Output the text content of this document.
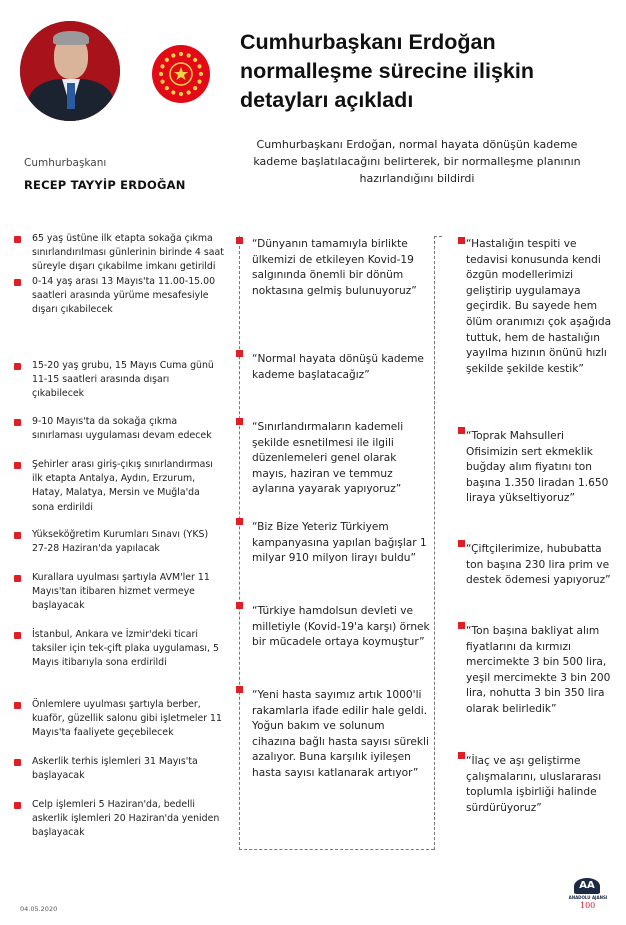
Cumhurbaşkanı Erdoğan normalleşme sürecine ilişkin detayları açıkladı
Cumhurbaşkanı Erdoğan, normal hayata dönüşün kademe kademe başlatılacağını belirterek, bir normalleşme planının hazırlandığını bildirdi
Cumhurbaşkanı
RECEP TAYYİP ERDOĞAN
65 yaş üstüne ilk etapta sokağa çıkma sınırlandırılması günlerinin birinde 4 saat süreyle dışarı çıkabilme imkanı getirildi
0-14 yaş arası 13 Mayıs'ta 11.00-15.00 saatleri arasında yürüme mesafesiyle dışarı çıkabilecek
15-20 yaş grubu, 15 Mayıs Cuma günü 11-15 saatleri arasında dışarı çıkabilecek
9-10 Mayıs'ta da sokağa çıkma sınırlaması uygulaması devam edecek
Şehirler arası giriş-çıkış sınırlandırması ilk etapta Antalya, Aydın, Erzurum, Hatay, Malatya, Mersin ve Muğla'da sona erdirildi
Yükseköğretim Kurumları Sınavı (YKS) 27-28 Haziran'da yapılacak
Kurallara uyulması şartıyla AVM'ler 11 Mayıs'tan itibaren hizmet vermeye başlayacak
İstanbul, Ankara ve İzmir'deki ticari taksiler için tek-çift plaka uygulaması, 5 Mayıs itibarıyla sona erdirildi
Önlemlere uyulması şartıyla berber, kuaför, güzellik salonu gibi işletmeler 11 Mayıs'ta faaliyete geçebilecek
Askerlik terhis işlemleri 31 Mayıs'ta başlayacak
Celp işlemleri 5 Haziran'da, bedelli askerlik işlemleri 20 Haziran'da yeniden başlayacak
“Dünyanın tamamıyla birlikte ülkemizi de etkileyen Kovid-19 salgınında önemli bir dönüm noktasına gelmiş bulunuyoruz”
“Normal hayata dönüşü kademe kademe başlatacağız”
“Sınırlandırmaların kademeli şekilde esnetilmesi ile ilgili düzenlemeleri genel olarak mayıs, haziran ve temmuz aylarına yayarak yapıyoruz”
“Biz Bize Yeteriz Türkiyem kampanyasına yapılan bağışlar 1 milyar 910 milyon lirayı buldu”
“Türkiye hamdolsun devleti ve milletiyle (Kovid-19'a karşı) örnek bir mücadele ortaya koymuştur”
“Yeni hasta sayımız artık 1000'li rakamlarla ifade edilir hale geldi. Yoğun bakım ve solunum cihazına bağlı hasta sayısı sürekli azalıyor. Buna karşılık iyileşen hasta sayısı katlanarak artıyor”
“Hastalığın tespiti ve tedavisi konusunda kendi özgün modellerimizi geliştirip uygulamaya geçirdik. Bu sayede hem ölüm oranımızı çok aşağıda tuttuk, hem de hastalığın yayılma hızının önünü hızlı şekilde şekilde kestik”
“Toprak Mahsulleri Ofisimizin sert ekmeklik buğday alım fiyatını ton başına 1.350 liradan 1.650 liraya yükseltiyoruz”
“Çiftçilerimize, hububatta ton başına 230 lira prim ve destek ödemesi yapıyoruz”
“Ton başına bakliyat alım fiyatlarını da kırmızı mercimekte 3 bin 500 lira, yeşil mercimekte 3 bin 200 lira, nohutta 3 bin 350 lira olarak belirledik”
“İlaç ve aşı geliştirme çalışmalarını, uluslararası toplumla işbirliği halinde sürdürüyoruz”
04.05.2020
AA
ANADOLU AJANSI
100
